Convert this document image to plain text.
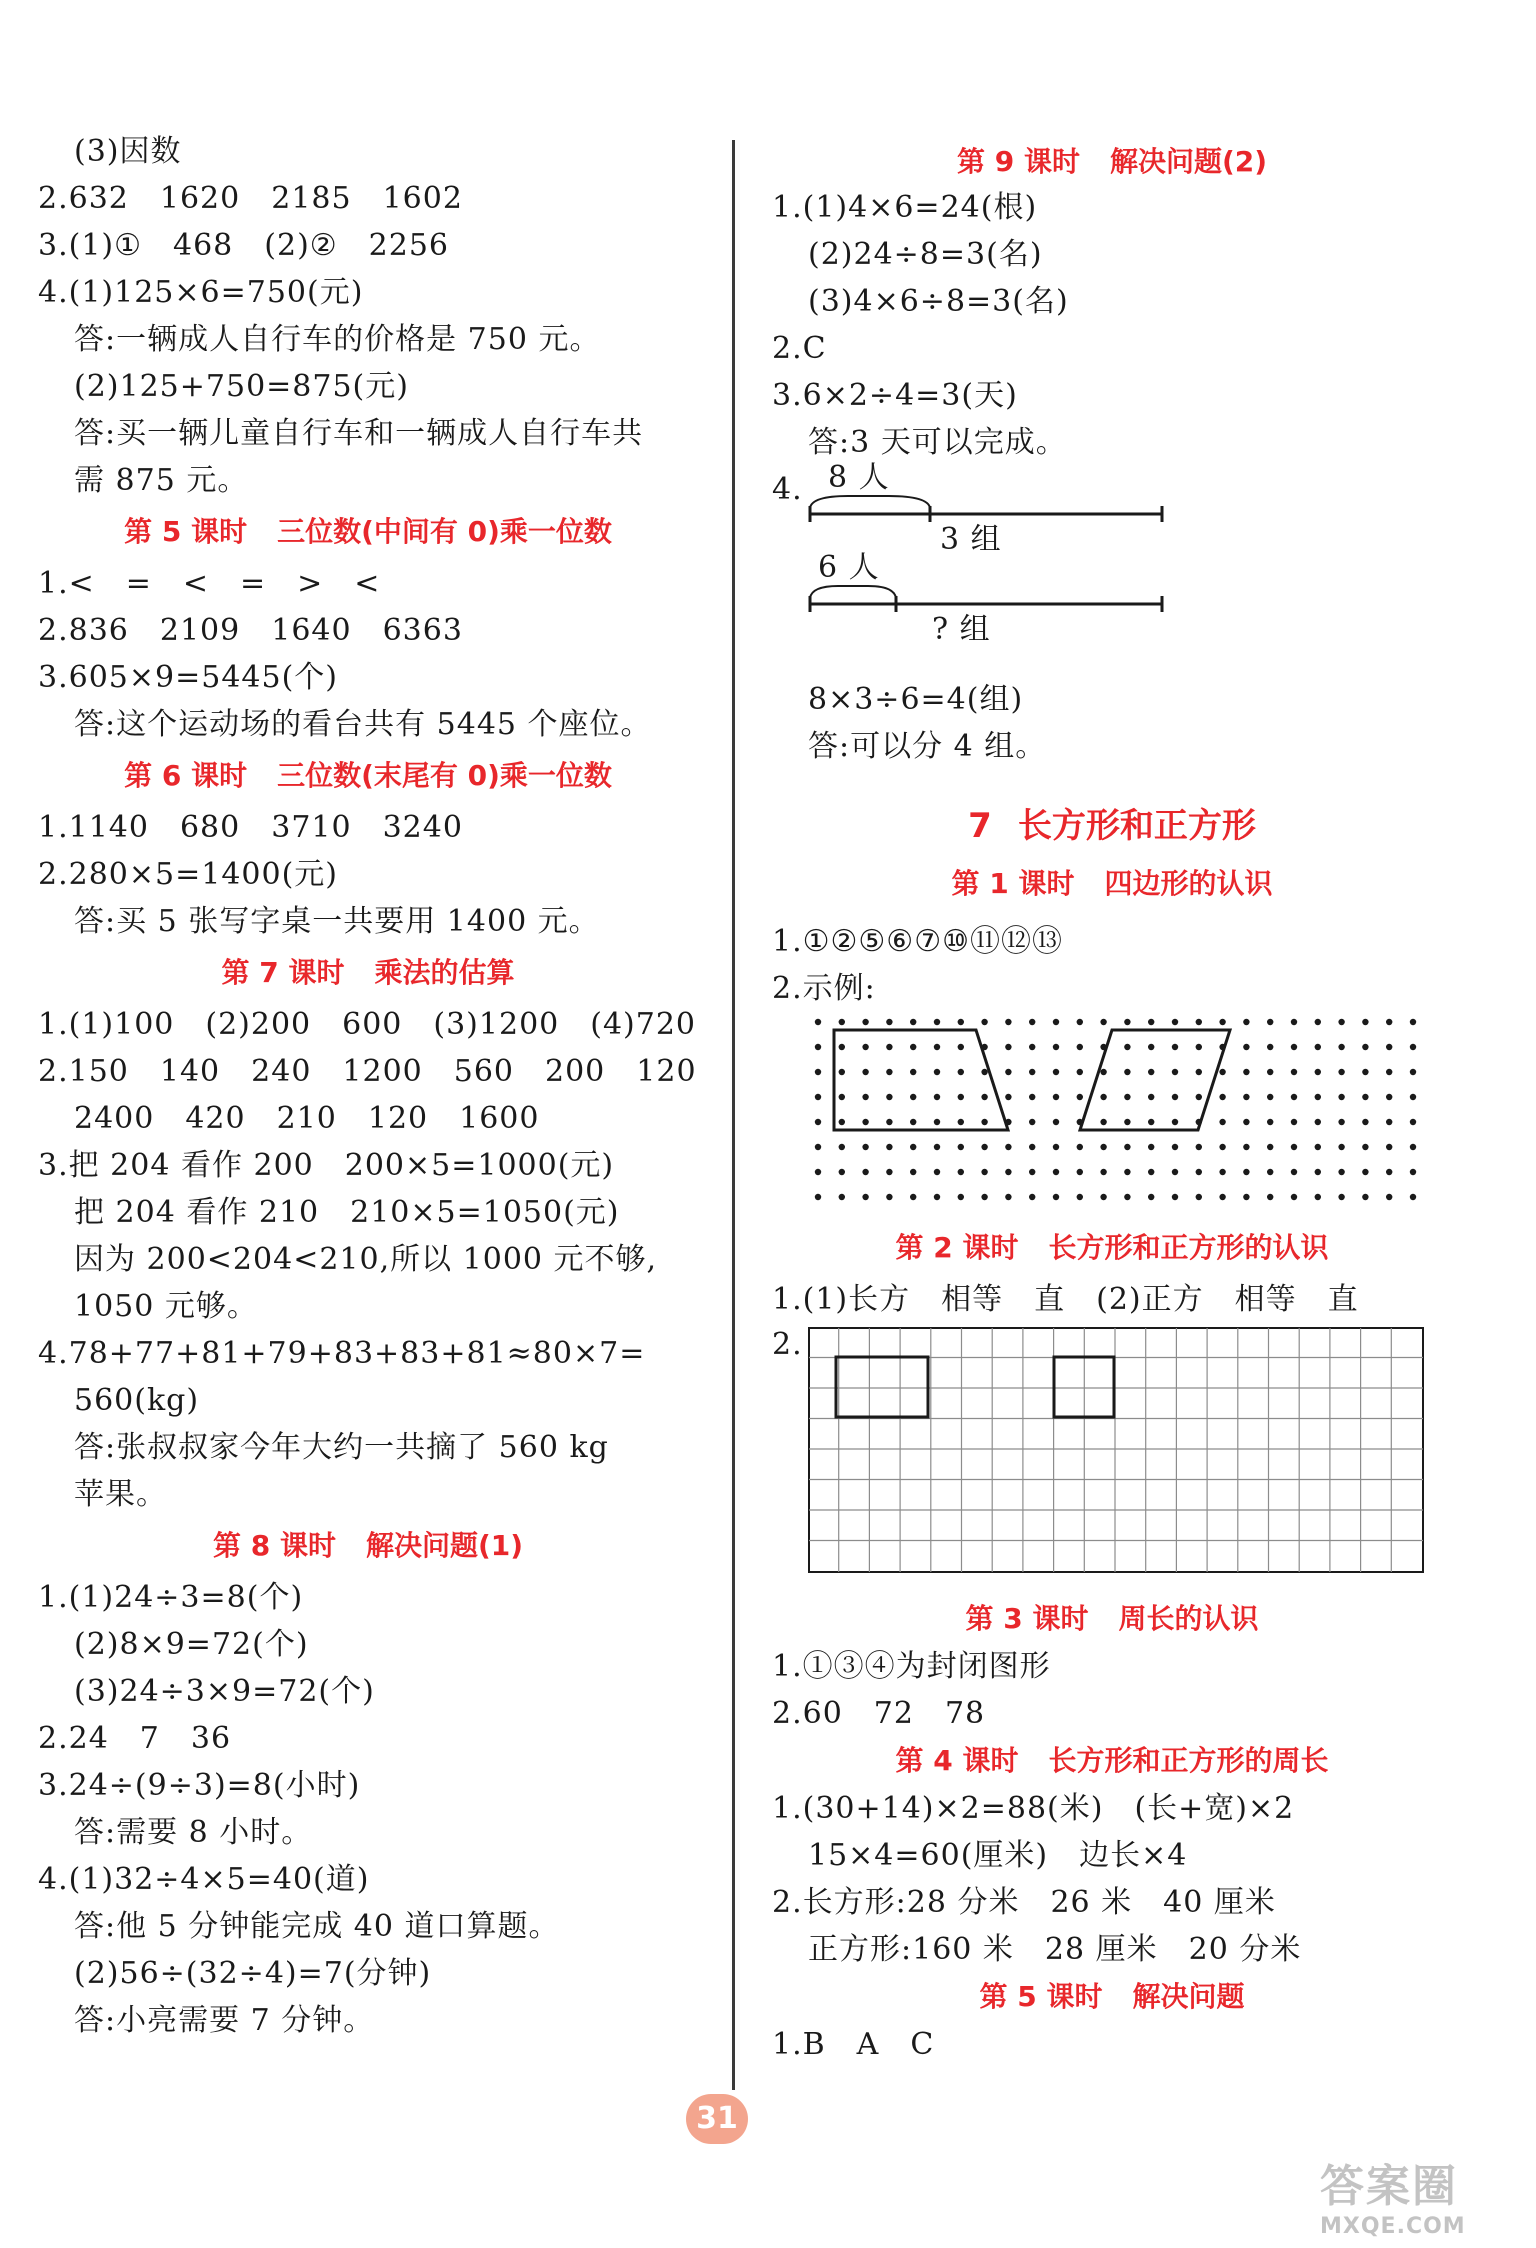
(3)因数
2.632　1620　2185　1602
3.(1)①　468　(2)②　2256
4.(1)125×6=750(元)
答:一辆成人自行车的价格是 750 元。
(2)125+750=875(元)
答:买一辆儿童自行车和一辆成人自行车共
需 875 元。
第 5 课时 三位数(中间有 0)乘一位数
1.<　=　<　=　>　<
2.836　2109　1640　6363
3.605×9=5445(个)
答:这个运动场的看台共有 5445 个座位。
第 6 课时 三位数(末尾有 0)乘一位数
1.1140　680　3710　3240
2.280×5=1400(元)
答:买 5 张写字桌一共要用 1400 元。
第 7 课时 乘法的估算
1.(1)100　(2)200　600　(3)1200　(4)720
2.150　140　240　1200　560　200　120
2400　420　210　120　1600
3.把 204 看作 200　200×5=1000(元)
把 204 看作 210　210×5=1050(元)
因为 200<204<210,所以 1000 元不够,
1050 元够。
4.78+77+81+79+83+83+81≈80×7=
560(kg)
答:张叔叔家今年大约一共摘了 560 kg
苹果。
第 8 课时 解决问题(1)
1.(1)24÷3=8(个)
(2)8×9=72(个)
(3)24÷3×9=72(个)
2.24　7　36
3.24÷(9÷3)=8(小时)
答:需要 8 小时。
4.(1)32÷4×5=40(道)
答:他 5 分钟能完成 40 道口算题。
(2)56÷(32÷4)=7(分钟)
答:小亮需要 7 分钟。
第 9 课时 解决问题(2)
1.(1)4×6=24(根)
(2)24÷8=3(名)
(3)4×6÷8=3(名)
2.C
3.6×2÷4=3(天)
答:3 天可以完成。
4. 8 人
3 组
6 人
? 组
8×3÷6=4(组)
答:可以分 4 组。
7 长方形和正方形
第 1 课时 四边形的认识
1.①②⑤⑥⑦⑩⑪⑫⑬
2.示例:
第 2 课时 长方形和正方形的认识
1.(1)长方　相等　直　(2)正方　相等　直
2.
第 3 课时 周长的认识
1.①③④为封闭图形
2.60　72　78
第 4 课时 长方形和正方形的周长
1.(30+14)×2=88(米)　(长+宽)×2
15×4=60(厘米)　边长×4
2.长方形:28 分米　26 米　40 厘米
正方形:160 米　28 厘米　20 分米
第 5 课时 解决问题
1.B　A　C
31
答案圈
MXQE.COM
